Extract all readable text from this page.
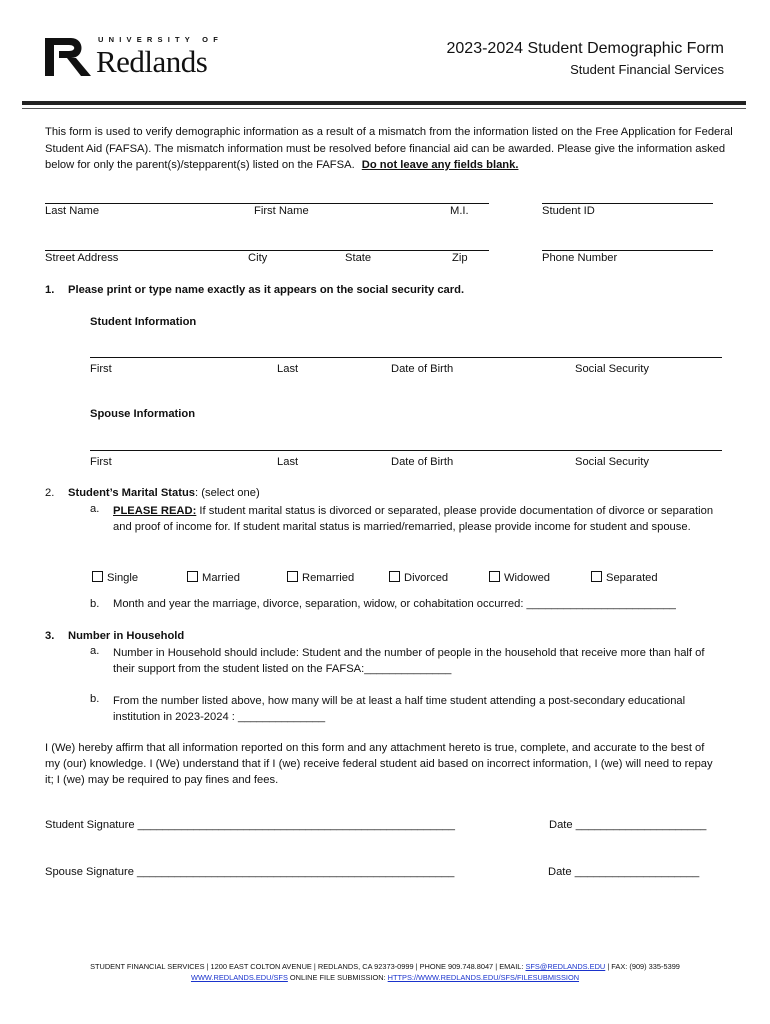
UNIVERSITY OF
Redlands	2023-2024 Student Demographic Form
Student Financial Services
This form is used to verify demographic information as a result of a mismatch from the information listed on the Free Application for Federal Student Aid (FAFSA). The mismatch information must be resolved before financial aid can be awarded. Please give the information asked below for only the parent(s)/stepparent(s) listed on the FAFSA. Do not leave any fields blank.
Last Name	First Name	M.I.	Student ID
Street Address	City	State	Zip	Phone Number
1. Please print or type name exactly as it appears on the social security card.
Student Information
First	Last	Date of Birth	Social Security
Spouse Information
First	Last	Date of Birth	Social Security
2. Student’s Marital Status: (select one)
a. PLEASE READ: If student marital status is divorced or separated, please provide documentation of divorce or separation and proof of income for. If student marital status is married/remarried, please provide income for student and spouse.
Single	Married	Remarried	Divorced	Widowed	Separated
b. Month and year the marriage, divorce, separation, widow, or cohabitation occurred: ________________________
3. Number in Household
a. Number in Household should include: Student and the number of people in the household that receive more than half of their support from the student listed on the FAFSA:______________
b. From the number listed above, how many will be at least a half time student attending a post-secondary educational institution in 2023-2024 : ______________
I (We) hereby affirm that all information reported on this form and any attachment hereto is true, complete, and accurate to the best of my (our) knowledge. I (We) understand that if I (we) receive federal student aid based on incorrect information, I (we) will need to repay it; I (we) may be required to pay fines and fees.
Student Signature ___________________________________________________	Date _____________________
Spouse Signature ___________________________________________________	Date ____________________
STUDENT FINANCIAL SERVICES | 1200 EAST COLTON AVENUE | REDLANDS, CA 92373-0999 | PHONE 909.748.8047 | EMAIL: SFS@REDLANDS.EDU | FAX: (909) 335-5399
WWW.REDLANDS.EDU/SFS ONLINE FILE SUBMISSION: HTTPS://WWW.REDLANDS.EDU/SFS/FILESUBMISSION
